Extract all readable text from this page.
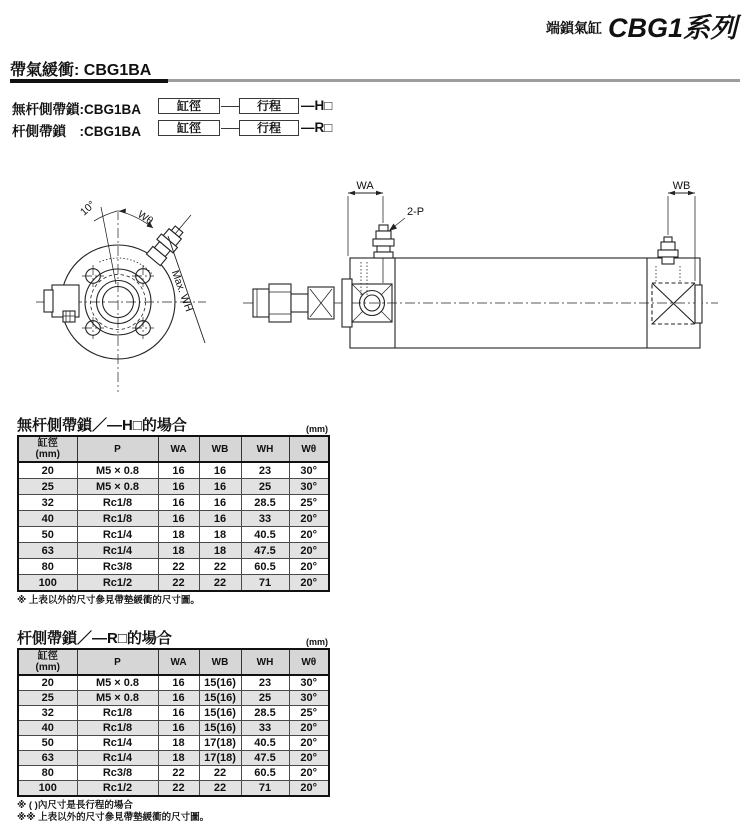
端鎖氣缸 CBG1系列
帶氣緩衝: CBG1BA
無杆側帶鎖:CBG1BA	缸徑	行程	—H□
杆側帶鎖　:CBG1BA	缸徑	行程	—R□
10°	Wθ
Max. WH
WA	WB
2-P
無杆側帶鎖／—H□的場合	(mm)
缸徑
(mm)	P	WA	WB	WH	Wθ
20	M5 × 0.8	16	16	23	30°
25	M5 × 0.8	16	16	25	30°
32	Rc1/8	16	16	28.5	25°
40	Rc1/8	16	16	33	20°
50	Rc1/4	18	18	40.5	20°
63	Rc1/4	18	18	47.5	20°
80	Rc3/8	22	22	60.5	20°
100	Rc1/2	22	22	71	20°
※ 上表以外的尺寸參見帶墊緩衝的尺寸圖。
杆側帶鎖／—R□的場合	(mm)
缸徑
(mm)	P	WA	WB	WH	Wθ
20	M5 × 0.8	16	15(16)	23	30°
25	M5 × 0.8	16	15(16)	25	30°
32	Rc1/8	16	15(16)	28.5	25°
40	Rc1/8	16	15(16)	33	20°
50	Rc1/4	18	17(18)	40.5	20°
63	Rc1/4	18	17(18)	47.5	20°
80	Rc3/8	22	22	60.5	20°
100	Rc1/2	22	22	71	20°
※ ( )內尺寸是長行程的場合
※※ 上表以外的尺寸參見帶墊緩衝的尺寸圖。
